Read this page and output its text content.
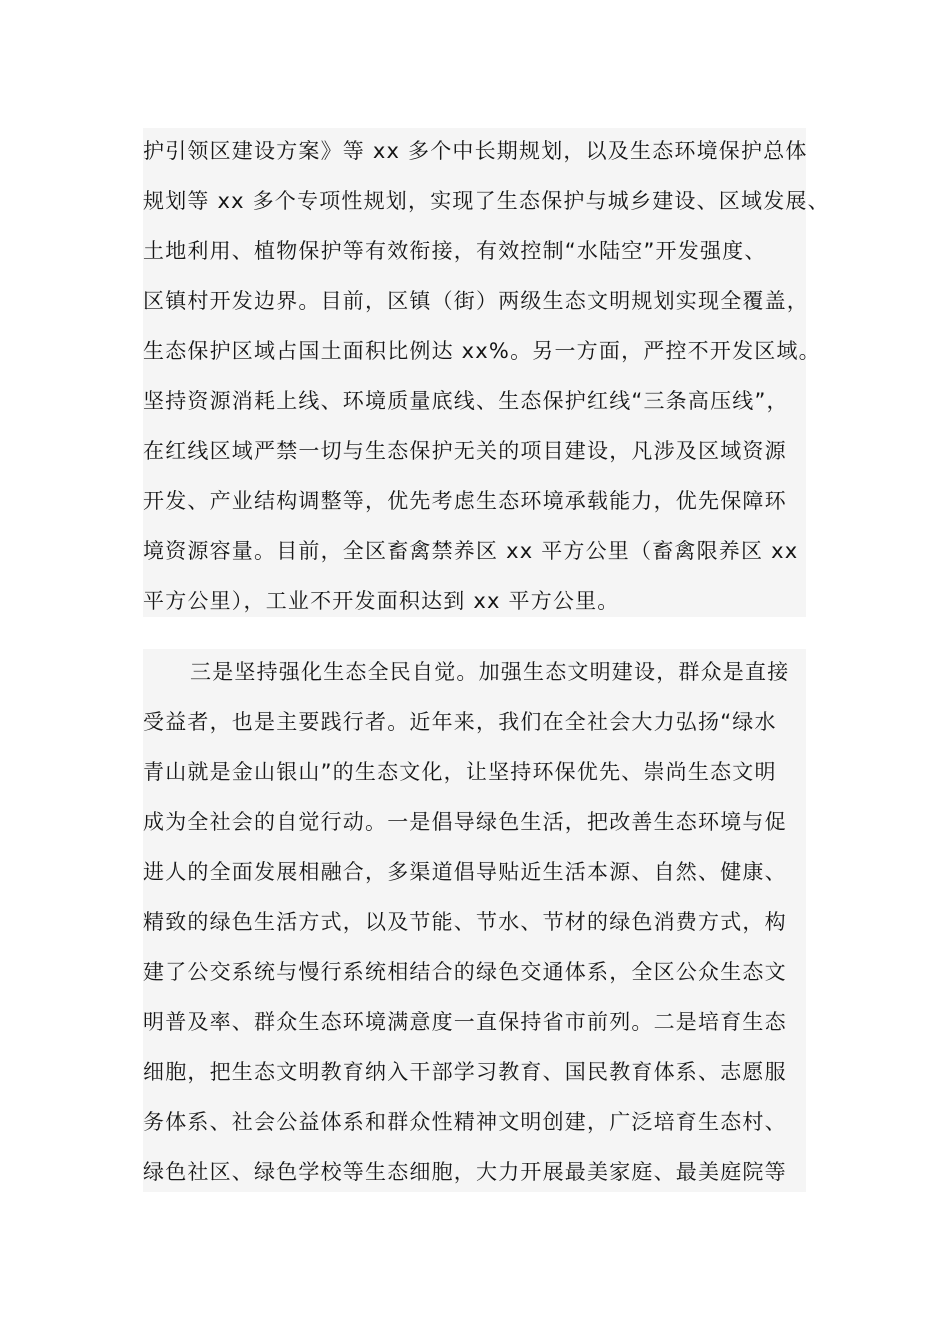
护引领区建设方案》等 xx 多个中长期规划，以及生态环境保护总体
规划等 xx 多个专项性规划，实现了生态保护与城乡建设、区域发展、
土地利用、植物保护等有效衔接，有效控制“水陆空”开发强度、
区镇村开发边界。目前，区镇（街）两级生态文明规划实现全覆盖，
生态保护区域占国土面积比例达 xx%。另一方面，严控不开发区域。
坚持资源消耗上线、环境质量底线、生态保护红线“三条高压线”，
在红线区域严禁一切与生态保护无关的项目建设，凡涉及区域资源
开发、产业结构调整等，优先考虑生态环境承载能力，优先保障环
境资源容量。目前，全区畜禽禁养区 xx 平方公里（畜禽限养区 xx
平方公里），工业不开发面积达到 xx 平方公里。
三是坚持强化生态全民自觉。加强生态文明建设，群众是直接
受益者，也是主要践行者。近年来，我们在全社会大力弘扬“绿水
青山就是金山银山”的生态文化，让坚持环保优先、崇尚生态文明
成为全社会的自觉行动。一是倡导绿色生活，把改善生态环境与促
进人的全面发展相融合，多渠道倡导贴近生活本源、自然、健康、
精致的绿色生活方式，以及节能、节水、节材的绿色消费方式，构
建了公交系统与慢行系统相结合的绿色交通体系，全区公众生态文
明普及率、群众生态环境满意度一直保持省市前列。二是培育生态
细胞，把生态文明教育纳入干部学习教育、国民教育体系、志愿服
务体系、社会公益体系和群众性精神文明创建，广泛培育生态村、
绿色社区、绿色学校等生态细胞，大力开展最美家庭、最美庭院等
